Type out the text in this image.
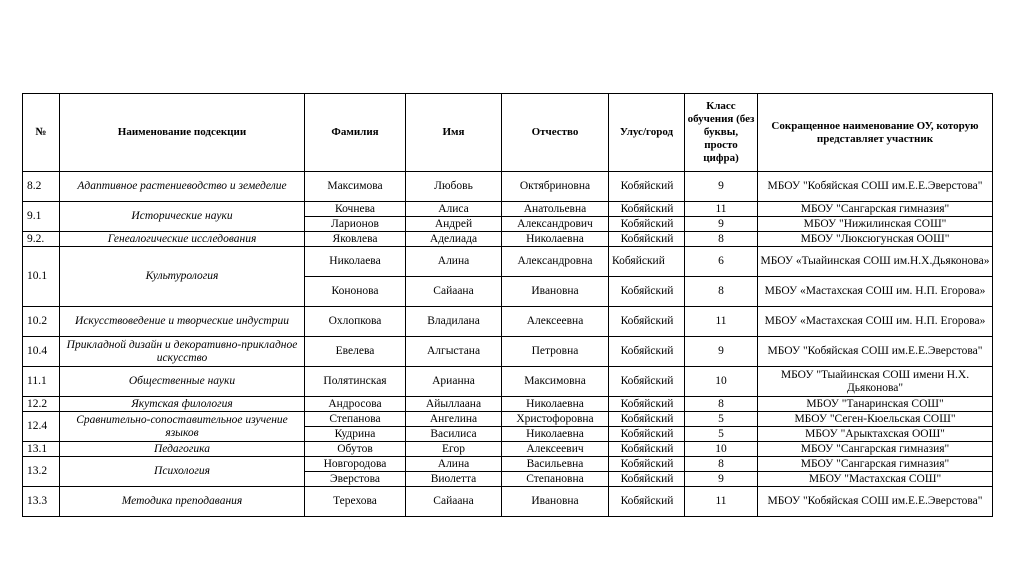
№	Наименование подсекции	Фамилия	Имя	Отчество	Улус/город	Класс обучения (без буквы, просто цифра)	Сокращенное наименование ОУ, которую представляет участник
8.2	Адаптивное растениеводство и земеделие	Максимова	Любовь	Октябриновна	Кобяйский	9	МБОУ "Кобяйская СОШ им.Е.Е.Эверстова"
9.1	Исторические науки	Кочнева	Алиса	Анатольевна	Кобяйский	11	МБОУ "Сангарская гимназия"
		Ларионов	Андрей	Александрович	Кобяйский	9	МБОУ "Нижилинская СОШ"
9.2.	Генеалогические исследования	Яковлева	Аделиада	Николаевна	Кобяйский	8	МБОУ "Люксюгунская ООШ"
10.1	Культурология	Николаева	Алина	Александровна	Кобяйский	6	МБОУ «Тыайинская СОШ им.Н.Х.Дьяконова»
		Кононова	Сайаана	Ивановна	Кобяйский	8	МБОУ «Мастахская СОШ им. Н.П. Егорова»
10.2	Искусствоведение и творческие индустрии	Охлопкова	Владилана	Алексеевна	Кобяйский	11	МБОУ «Мастахская СОШ им. Н.П. Егорова»
10.4	Прикладной дизайн и декоративно-прикладное искусство	Евелева	Алгыстана	Петровна	Кобяйский	9	МБОУ "Кобяйская СОШ им.Е.Е.Эверстова"
11.1	Общественные науки	Полятинская	Арианна	Максимовна	Кобяйский	10	МБОУ "Тыайинская СОШ имени Н.Х. Дьяконова"
12.2	Якутская филология	Андросова	Айыллаана	Николаевна	Кобяйский	8	МБОУ "Танаринская СОШ"
12.4	Сравнительно-сопоставительное изучение языков	Степанова	Ангелина	Христофоровна	Кобяйский	5	МБОУ "Сеген-Кюельская СОШ"
		Кудрина	Василиса	Николаевна	Кобяйский	5	МБОУ "Арыктахская ООШ"
13.1	Педагогика	Обутов	Егор	Алексеевич	Кобяйский	10	МБОУ "Сангарская гимназия"
13.2	Психология	Новгородова	Алина	Васильевна	Кобяйский	8	МБОУ "Сангарская гимназия"
		Эверстова	Виолетта	Степановна	Кобяйский	9	МБОУ "Мастахская СОШ"
13.3	Методика преподавания	Терехова	Сайаана	Ивановна	Кобяйский	11	МБОУ "Кобяйская СОШ им.Е.Е.Эверстова"
